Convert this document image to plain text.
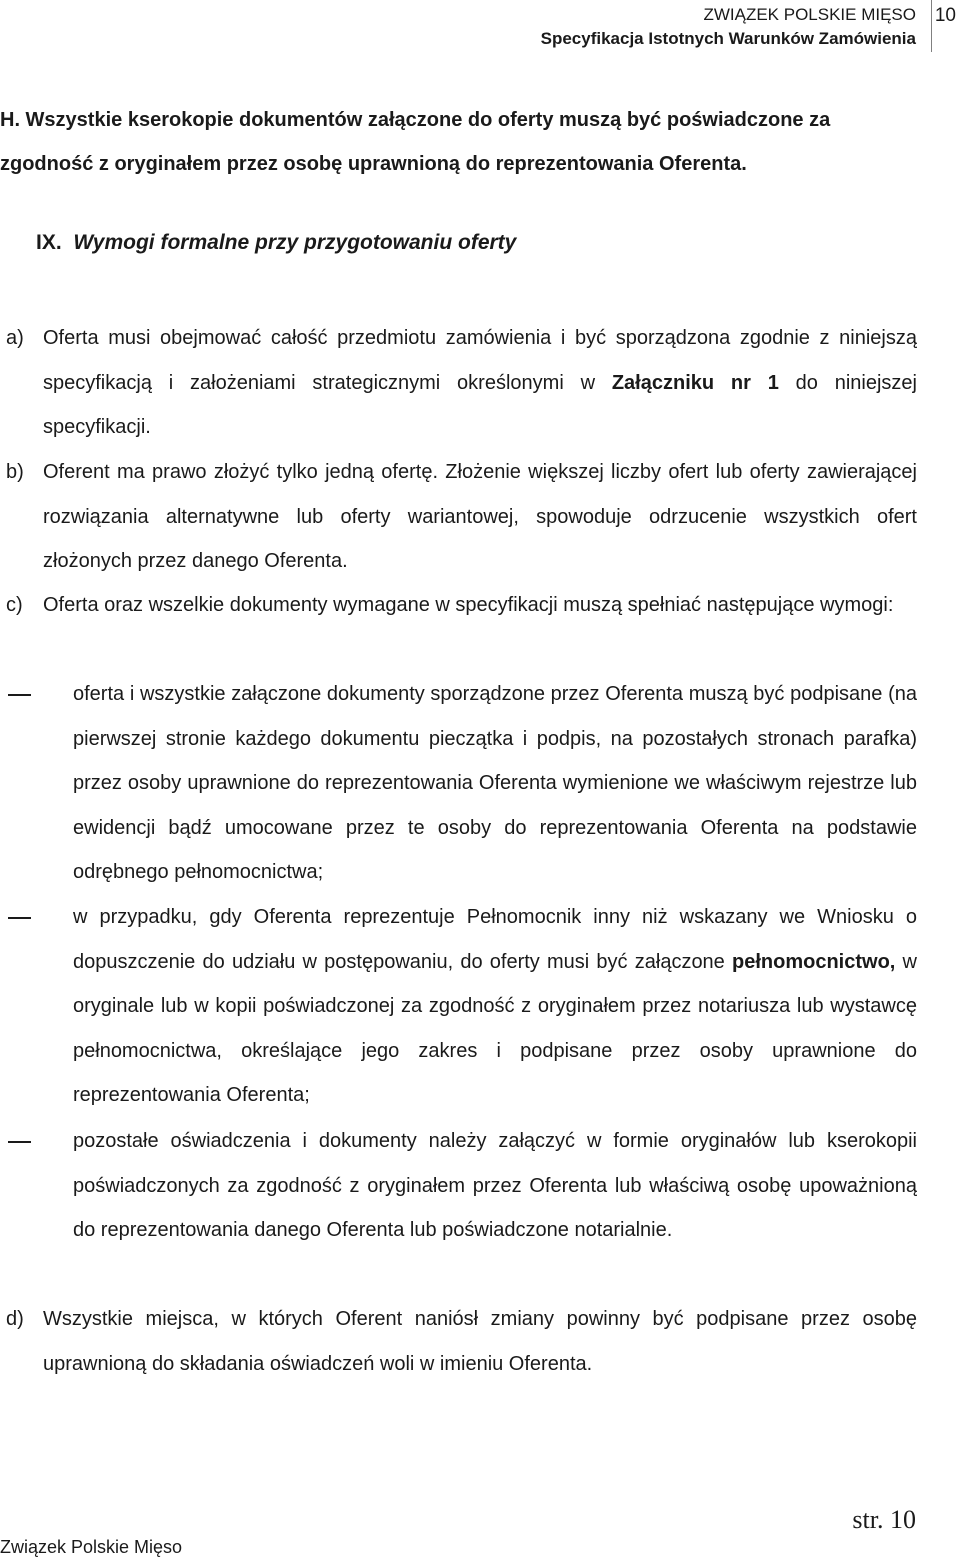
ZWIĄZEK POLSKIE MIĘSO
Specyfikacja Istotnych Warunków Zamówienia
10

H. Wszystkie kserokopie dokumentów załączone do oferty muszą być poświadczone za

zgodność z oryginałem przez osobę uprawnioną do reprezentowania Oferenta.

IX. Wymogi formalne przy przygotowaniu oferty
a) Oferta musi obejmować całość przedmiotu zamówienia i być sporządzona zgodnie z niniejszą specyfikacją i założeniami strategicznymi określonymi w Załączniku nr 1 do niniejszej specyfikacji.

b) Oferent ma prawo złożyć tylko jedną ofertę. Złożenie większej liczby ofert lub oferty zawierającej rozwiązania alternatywne lub oferty wariantowej, spowoduje odrzucenie wszystkich ofert złożonych przez danego Oferenta.

c) Oferta oraz wszelkie dokumenty wymagane w specyfikacji muszą spełniać następujące wymogi:

oferta i wszystkie załączone dokumenty sporządzone przez Oferenta muszą być podpisane (na pierwszej stronie każdego dokumentu pieczątka i podpis, na pozostałych stronach parafka) przez osoby uprawnione do reprezentowania Oferenta wymienione we właściwym rejestrze lub ewidencji bądź umocowane przez te osoby do reprezentowania Oferenta na podstawie odrębnego pełnomocnictwa;

w przypadku, gdy Oferenta reprezentuje Pełnomocnik inny niż wskazany we Wniosku o dopuszczenie do udziału w postępowaniu, do oferty musi być załączone pełnomocnictwo, w oryginale lub w kopii poświadczonej za zgodność z oryginałem przez notariusza lub wystawcę pełnomocnictwa, określające jego zakres i podpisane przez osoby uprawnione do reprezentowania Oferenta;

pozostałe oświadczenia i dokumenty należy załączyć w formie oryginałów lub kserokopii poświadczonych za zgodność z oryginałem przez Oferenta lub właściwą osobę upoważnioną do reprezentowania danego Oferenta lub poświadczone notarialnie.

d) Wszystkie miejsca, w których Oferent naniósł zmiany powinny być podpisane przez osobę uprawnioną do składania oświadczeń woli w imieniu Oferenta.

str. 10
Związek Polskie Mięso
